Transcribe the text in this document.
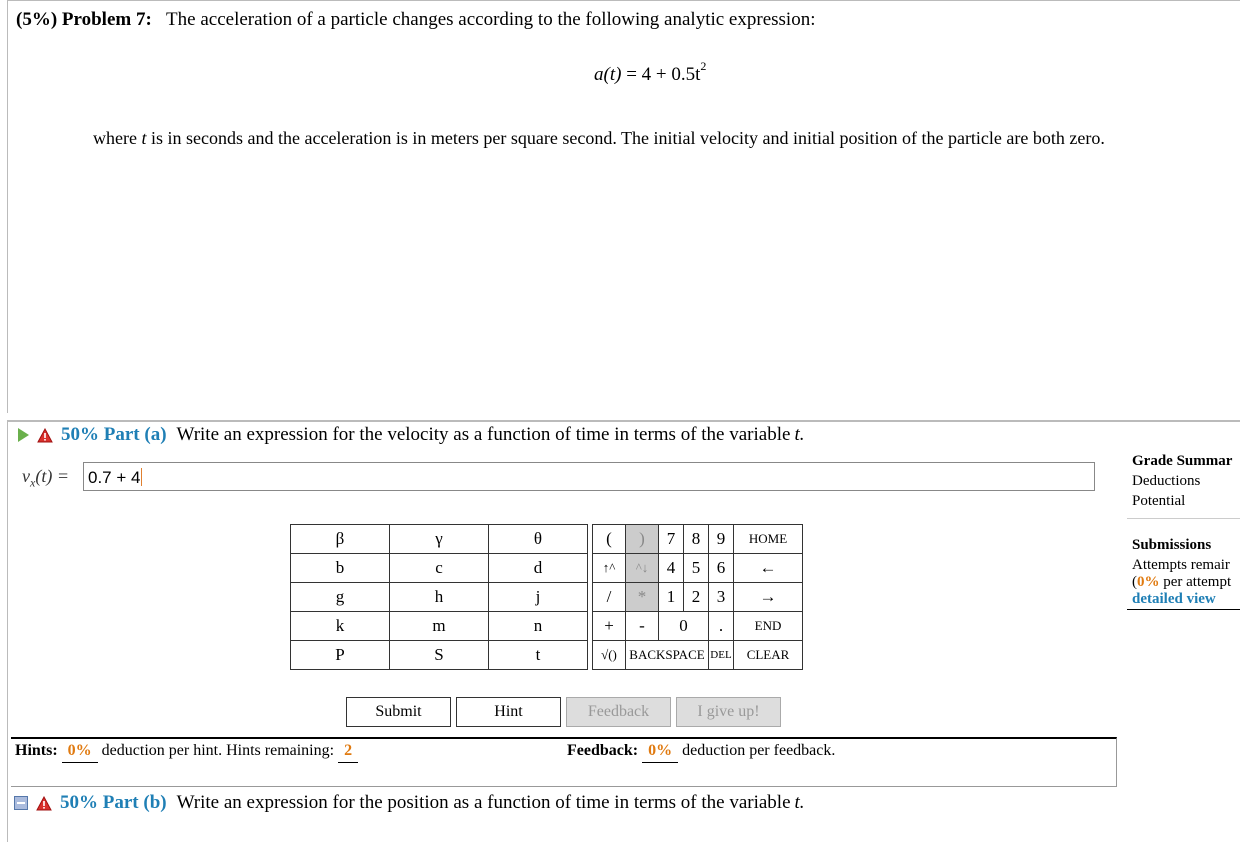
(5%) Problem 7: The acceleration of a particle changes according to the following analytic expression:
$a(t) = 4 + 0.5t^2$
where t is in seconds and the acceleration is in meters per square second. The initial velocity and initial position of the particle are both zero.
50% Part (a) Write an expression for the velocity as a function of time in terms of the variable t.
$v_x(t) = 0.7 + 4$
β	γ	θ
b	c	d
g	h	j
k	m	n
P	S	t
(	)	7	8	9	HOME
↑^	^↓	4	5	6	←
/	*	1	2	3	→
+	-	0		.	END
√()	BACKSPACE			DEL	CLEAR
Submit	Hint	Feedback	I give up!
Hints: 0% deduction per hint. Hints remaining: 2	Feedback: 0% deduction per feedback.
Grade Summar
Deductions
Potential
Submissions
Attempts remair
(0% per attempt
detailed view
50% Part (b) Write an expression for the position as a function of time in terms of the variable t.
